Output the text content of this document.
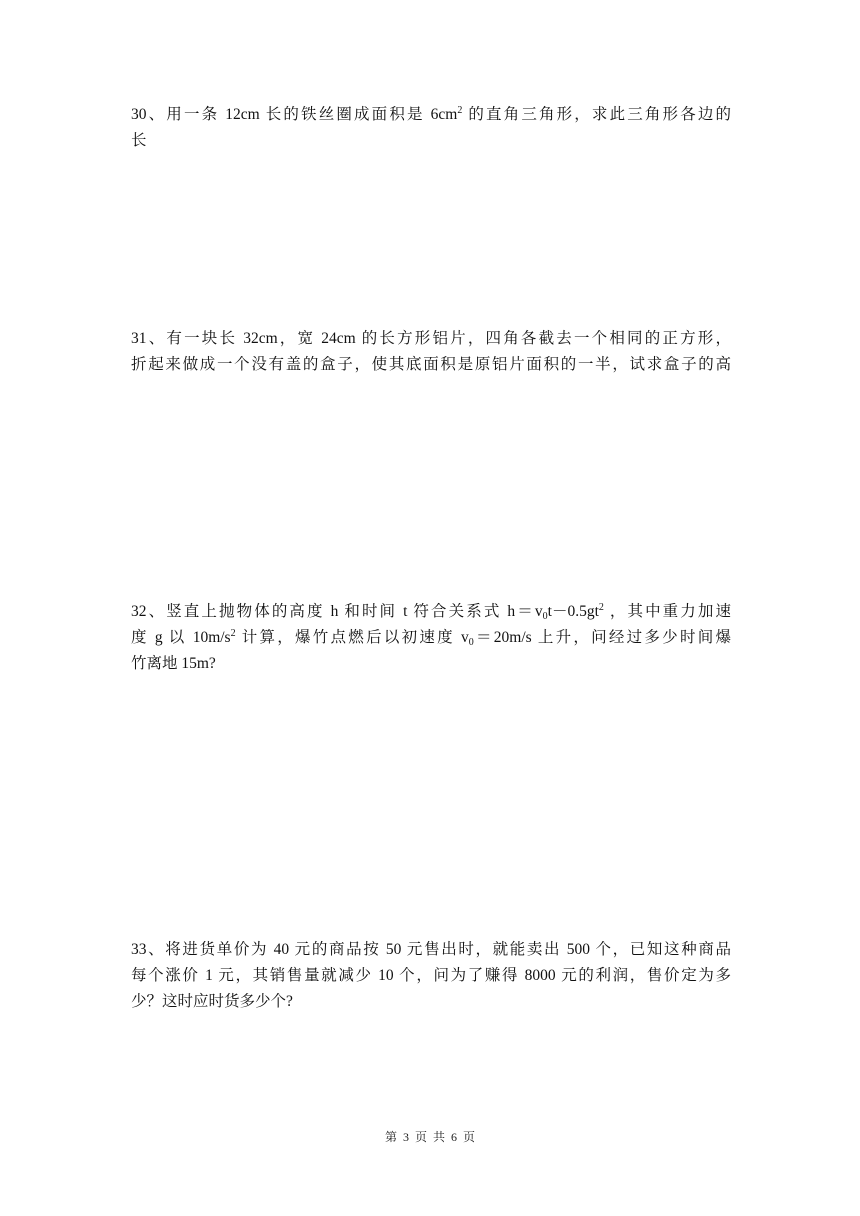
30、用一条 12cm 长的铁丝圈成面积是 $6cm^2$ 的直角三角形，求此三角形各边的
长
31、有一块长 32cm，宽 24cm 的长方形铝片，四角各截去一个相同的正方形，
折起来做成一个没有盖的盒子，使其底面积是原铝片面积的一半，试求盒子的高
32、竖直上抛物体的高度 h 和时间 t 符合关系式 $h=v_0t-0.5gt^2$ ，其中重力加速
度 g 以 $10m/s^2$ 计算，爆竹点燃后以初速度 $v_0=20m/s$ 上升，问经过多少时间爆
竹离地 15m?
33、将进货单价为 40 元的商品按 50 元售出时，就能卖出 500 个，已知这种商品
每个涨价 1 元，其销售量就减少 10 个，问为了赚得 8000 元的利润，售价定为多
少？这时应时货多少个?
第 3 页 共 6 页
